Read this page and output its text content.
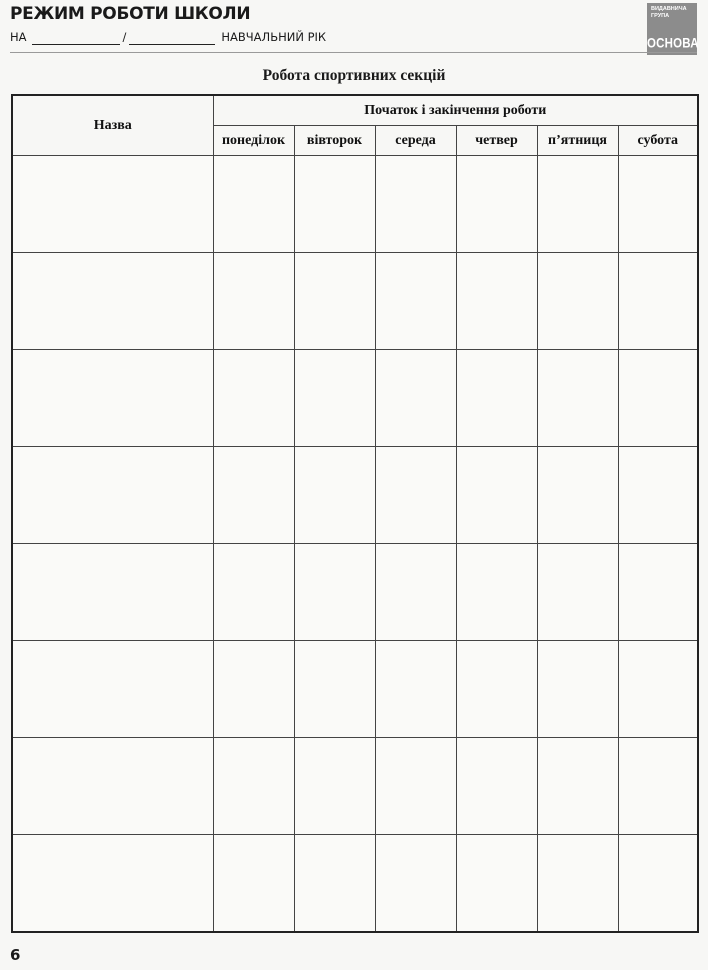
РЕЖИМ РОБОТИ ШКОЛИ
НА	/	НАВЧАЛЬНИЙ РІК
ВИДАВНИЧА
ГРУПА
ОСНОВА
Робота спортивних секцій
Назва	Початок і закінчення роботи					
	понеділок	вівторок	середа	четвер	п’ятниця	субота

6
